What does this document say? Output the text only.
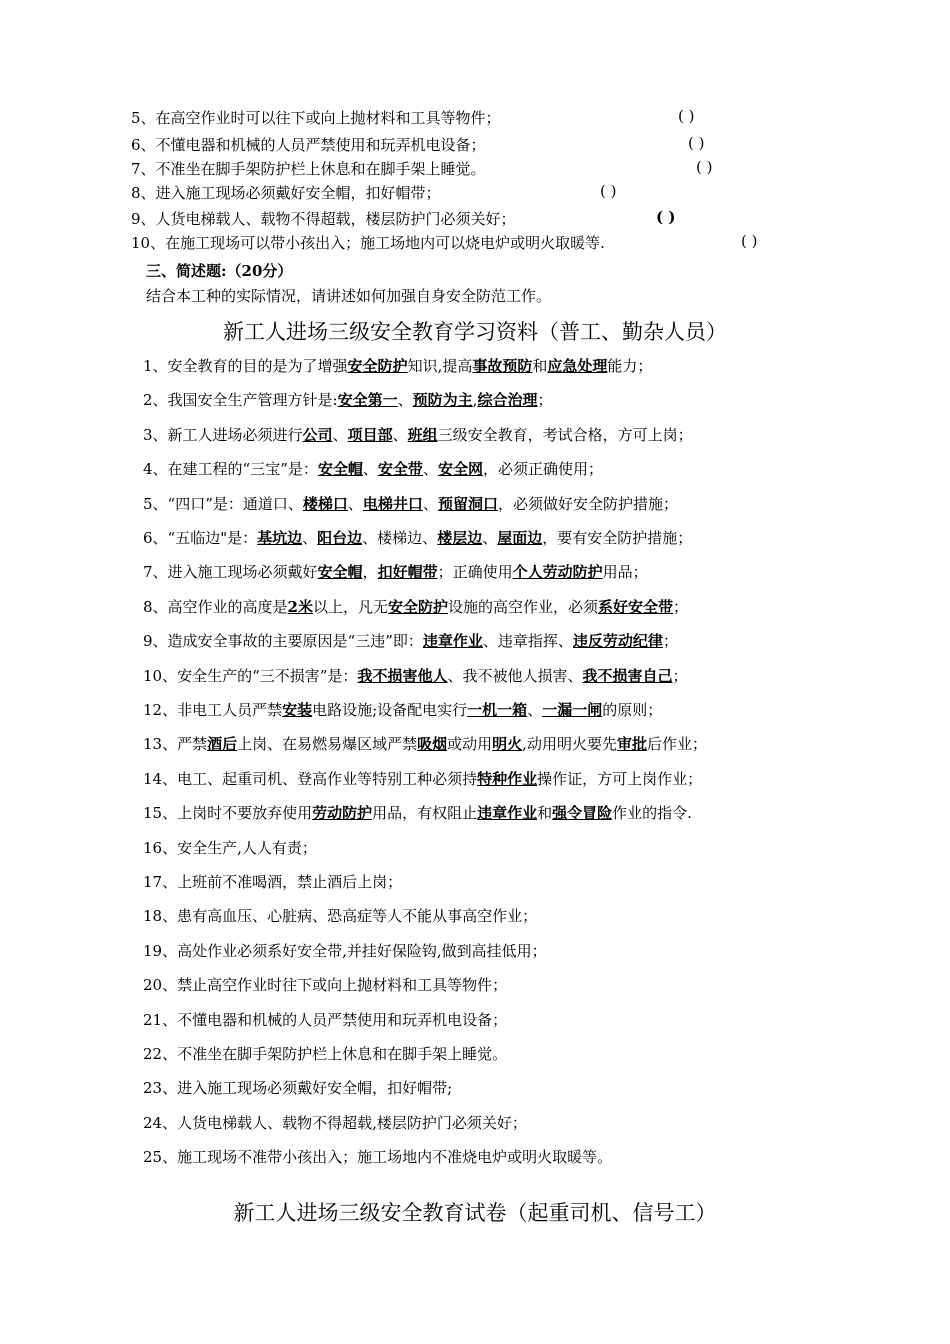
5、在高空作业时可以往下或向上抛材料和工具等物件；	( )
6、不懂电器和机械的人员严禁使用和玩弄机电设备；	( )
7、不准坐在脚手架防护栏上休息和在脚手架上睡觉。	( )
8、进入施工现场必须戴好安全帽，扣好帽带；	( )
9、人货电梯载人、载物不得超载，楼层防护门必须关好；	( )
10、在施工现场可以带小孩出入；施工场地内可以烧电炉或明火取暖等.	( )
三、简述题:（20分）
结合本工种的实际情况，请讲述如何加强自身安全防范工作。
新工人进场三级安全教育学习资料（普工、勤杂人员）
1、安全教育的目的是为了增强安全防护知识,提高事故预防和应急处理能力；
2、我国安全生产管理方针是:安全第一、预防为主,综合治理；
3、新工人进场必须进行公司、项目部、班组三级安全教育，考试合格，方可上岗；
4、在建工程的“三宝”是：安全帽、安全带、安全网，必须正确使用；
5、“四口”是：通道口、楼梯口、电梯井口、预留洞口，必须做好安全防护措施；
6、“五临边"是：基坑边、阳台边、楼梯边、楼层边、屋面边，要有安全防护措施；
7、进入施工现场必须戴好安全帽，扣好帽带；正确使用个人劳动防护用品；
8、高空作业的高度是2米以上，凡无安全防护设施的高空作业，必须系好安全带；
9、造成安全事故的主要原因是“三违”即：违章作业、违章指挥、违反劳动纪律；
10、安全生产的“三不损害”是：我不损害他人、我不被他人损害、我不损害自己；
12、非电工人员严禁安装电路设施;设备配电实行一机一箱、一漏一闸的原则；
13、严禁酒后上岗、在易燃易爆区域严禁吸烟或动用明火,动用明火要先审批后作业；
14、电工、起重司机、登高作业等特别工种必须持特种作业操作证，方可上岗作业；
15、上岗时不要放弃使用劳动防护用品，有权阻止违章作业和强令冒险作业的指令.
16、安全生产,人人有责；
17、上班前不准喝酒，禁止酒后上岗；
18、患有高血压、心脏病、恐高症等人不能从事高空作业；
19、高处作业必须系好安全带,并挂好保险钩,做到高挂低用；
20、禁止高空作业时往下或向上抛材料和工具等物件；
21、不懂电器和机械的人员严禁使用和玩弄机电设备；
22、不准坐在脚手架防护栏上休息和在脚手架上睡觉。
23、进入施工现场必须戴好安全帽，扣好帽带;
24、人货电梯载人、载物不得超载,楼层防护门必须关好；
25、施工现场不准带小孩出入；施工场地内不准烧电炉或明火取暖等。
新工人进场三级安全教育试卷（起重司机、信号工）
